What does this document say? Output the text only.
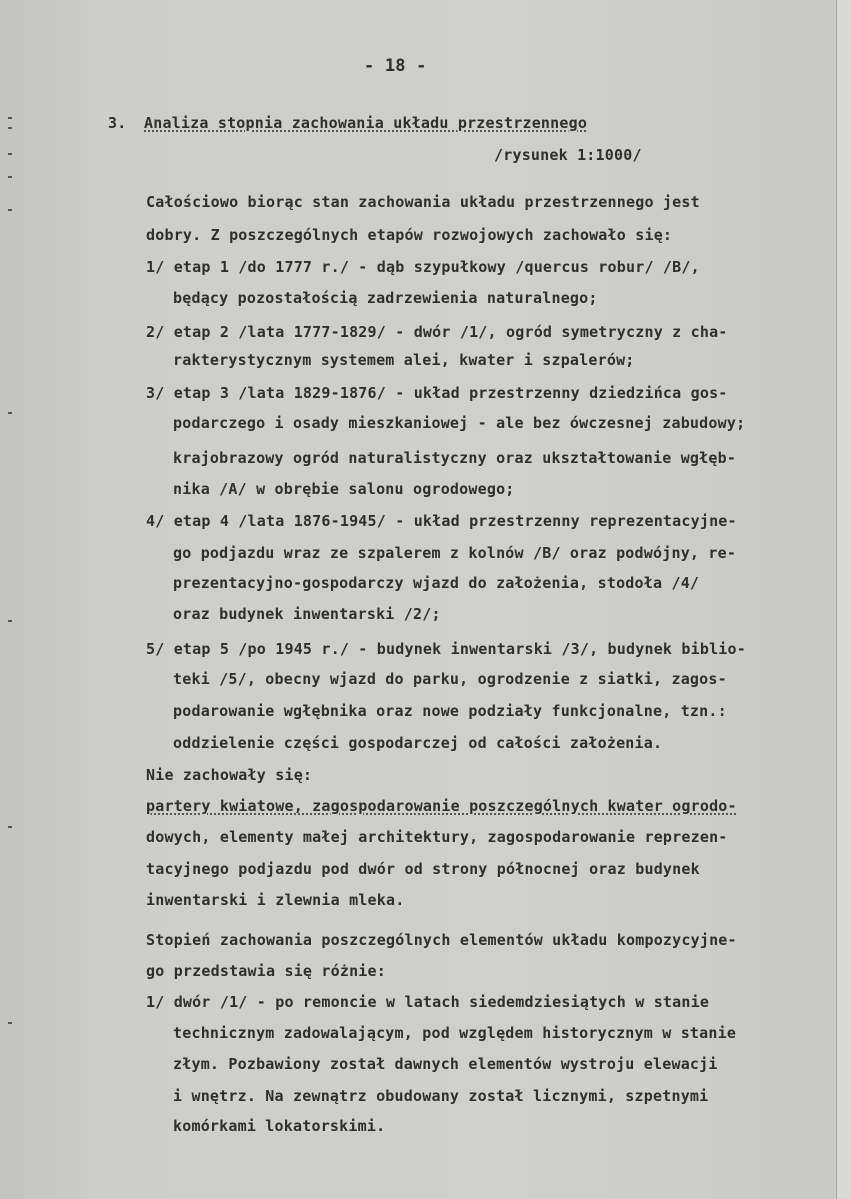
- 18 -
3. Analiza stopnia zachowania układu przestrzennego
/rysunek 1:1000/
Całościowo biorąc stan zachowania układu przestrzennego jest
dobry. Z poszczególnych etapów rozwojowych zachowało się:
1/ etap 1 /do 1777 r./ - dąb szypułkowy /quercus robur/ /B/,
będący pozostałością zadrzewienia naturalnego;
2/ etap 2 /lata 1777-1829/ - dwór /1/, ogród symetryczny z cha-
rakterystycznym systemem alei, kwater i szpalerów;
3/ etap 3 /lata 1829-1876/ - układ przestrzenny dziedzińca gos-
podarczego i osady mieszkaniowej - ale bez ówczesnej zabudowy;
krajobrazowy ogród naturalistyczny oraz ukształtowanie wgłęb-
nika /A/ w obrębie salonu ogrodowego;
4/ etap 4 /lata 1876-1945/ - układ przestrzenny reprezentacyjne-
go podjazdu wraz ze szpalerem z kolnów /B/ oraz podwójny, re-
prezentacyjno-gospodarczy wjazd do założenia, stodoła /4/
oraz budynek inwentarski /2/;
5/ etap 5 /po 1945 r./ - budynek inwentarski /3/, budynek biblio-
teki /5/, obecny wjazd do parku, ogrodzenie z siatki, zagos-
podarowanie wgłębnika oraz nowe podziały funkcjonalne, tzn.:
oddzielenie części gospodarczej od całości założenia.
Nie zachowały się:
partery kwiatowe, zagospodarowanie poszczególnych kwater ogrodo-
dowych, elementy małej architektury, zagospodarowanie reprezen-
tacyjnego podjazdu pod dwór od strony północnej oraz budynek
inwentarski i zlewnia mleka.
Stopień zachowania poszczególnych elementów układu kompozycyjne-
go przedstawia się różnie:
1/ dwór /1/ - po remoncie w latach siedemdziesiątych w stanie
technicznym zadowalającym, pod względem historycznym w stanie
złym. Pozbawiony został dawnych elementów wystroju elewacji
i wnętrz. Na zewnątrz obudowany został licznymi, szpetnymi
komórkami lokatorskimi.
